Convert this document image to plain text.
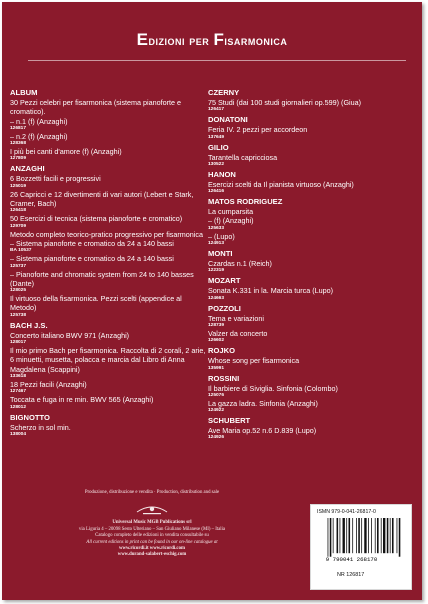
Edizioni per Fisarmonica
ALBUM
30 Pezzi celebri per fisarmonica (sistema pianoforte e cromatico).
– n.1 (f) (Anzaghi)
126817
– n.2 (f) (Anzaghi)
128368
I più bei canti d'amore (f) (Anzaghi)
127809
ANZAGHI
6 Bozzetti facili e progressivi
125019
26 Capricci e 12 divertimenti di vari autori (Lebert e Stark, Cramer, Bach)
126418
50 Esercizi di tecnica (sistema pianoforte e cromatico)
129709
Metodo completo teorico-pratico progressivo per fisarmonica
– Sistema pianoforte e cromatico da 24 a 140 bassi
BA 10537
– Sistema pianoforte e cromatico da 24 a 140 bassi
125737
– Pianoforte and chromatic system from 24 to 140 basses (Dante)
128025
Il virtuoso della fisarmonica. Pezzi scelti (appendice al Metodo)
125738
BACH J.S.
Concerto italiano BWV 971 (Anzaghi)
128017
Il mio primo Bach per fisarmonica. Raccolta di 2 corali, 2 arie, 6 minuetti, musetta, polacca e marcia dal Libro di Anna Magdalena (Scappini)
133618
18 Pezzi facili (Anzaghi)
127467
Toccata e fuga in re min. BWV 565 (Anzaghi)
128012
BIGNOTTO
Scherzo in sol min.
138004
CZERNY
75 Studi (dai 100 studi giornalieri op.599) (Giua)
126417
DONATONI
Feria IV. 2 pezzi per accordeon
137649
GILIO
Tarantella capricciosa
130522
HANON
Esercizi scelti da Il pianista virtuoso (Anzaghi)
126416
MATOS RODRIGUEZ
La cumparsita
– (f) (Anzaghi)
125633
– (Lupo)
124913
MONTI
Czardas n.1 (Reich)
122319
MOZART
Sonata K.331 in la. Marcia turca (Lupo)
124663
POZZOLI
Tema e variazioni
128739
Valzer da concerto
126602
ROJKO
Whose song per fisarmonica
135991
ROSSINI
Il barbiere di Siviglia. Sinfonia (Colombo)
125076
La gazza ladra. Sinfonia (Anzaghi)
124922
SCHUBERT
Ave Maria op.52 n.6 D.839 (Lupo)
124926
Produzione, distribuzione e vendita · Production, distribution and sale
Universal Music MGB Publications srl
via Liguria 4 – 20098 Sesto Ulteriano – San Giuliano Milanese (MI) – Italia
Catalogo completo delle edizioni in vendita consultabile su
All current editions in print can be found in our on-line catalogue at
www.ricordi.it www.ricordi.com
www.durand-salabert-eschig.com
ISMN 979-0-041-26817-0
9 790041 268170
NR 126817
